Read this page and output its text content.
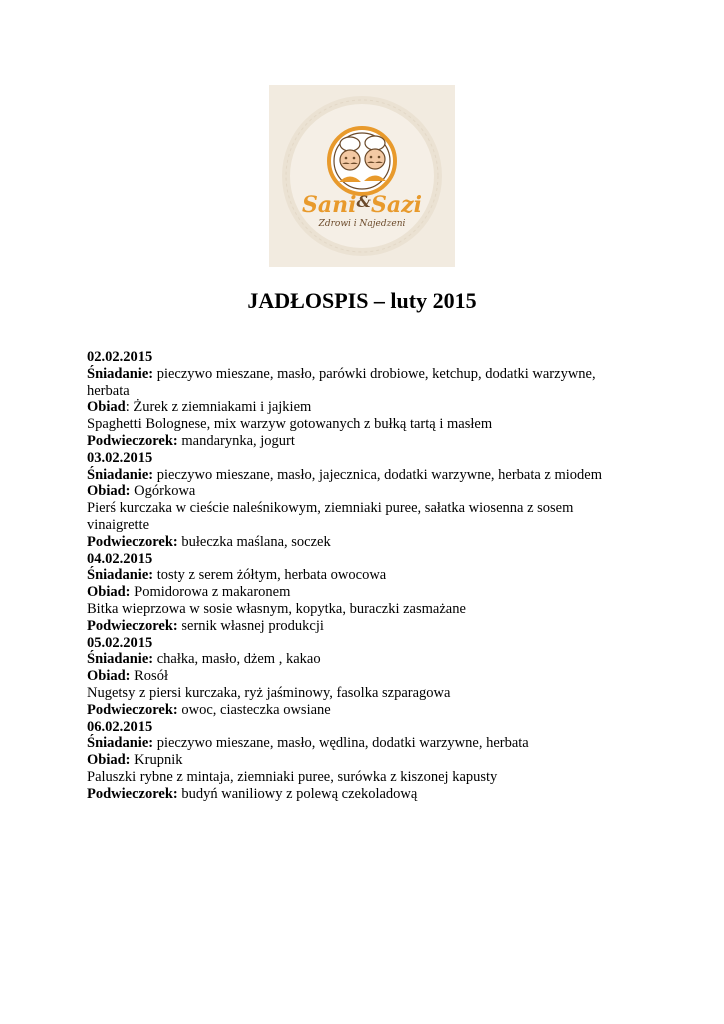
Sani&Sazi
Zdrowi i Najedzeni
JADŁOSPIS – luty 2015

02.02.2015

Śniadanie: pieczywo mieszane, masło, parówki drobiowe, ketchup, dodatki warzywne,

herbata

Obiad: Żurek z ziemniakami i jajkiem

Spaghetti Bolognese, mix warzyw gotowanych z bułką tartą i masłem

Podwieczorek: mandarynka, jogurt

03.02.2015

Śniadanie: pieczywo mieszane, masło, jajecznica, dodatki warzywne, herbata z miodem

Obiad: Ogórkowa

Pierś kurczaka w cieście naleśnikowym, ziemniaki puree, sałatka wiosenna z sosem

vinaigrette

Podwieczorek: bułeczka maślana, soczek

04.02.2015

Śniadanie: tosty z serem żółtym, herbata owocowa

Obiad: Pomidorowa z makaronem

Bitka wieprzowa w sosie własnym, kopytka, buraczki zasmażane

Podwieczorek: sernik własnej produkcji

05.02.2015

Śniadanie: chałka, masło, dżem , kakao

Obiad: Rosół

Nugetsy z piersi kurczaka, ryż jaśminowy, fasolka szparagowa

Podwieczorek: owoc, ciasteczka owsiane

06.02.2015

Śniadanie: pieczywo mieszane, masło, wędlina, dodatki warzywne, herbata

Obiad: Krupnik

Paluszki rybne z mintaja, ziemniaki puree, surówka z kiszonej kapusty

Podwieczorek: budyń waniliowy z polewą czekoladową
